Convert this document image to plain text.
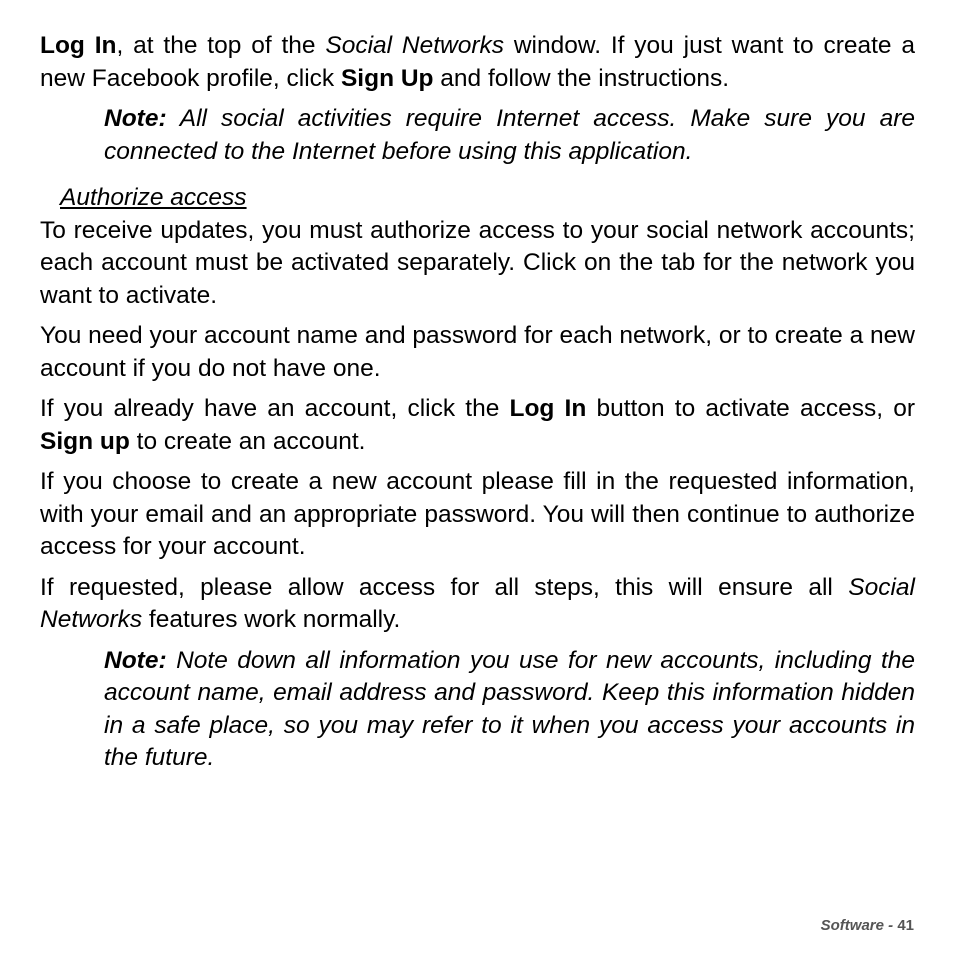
Log In, at the top of the Social Networks window. If you just want to create a new Facebook profile, click Sign Up and follow the instructions.

Note: All social activities require Internet access. Make sure you are connected to the Internet before using this application.

Authorize access

To receive updates, you must authorize access to your social network accounts; each account must be activated separately. Click on the tab for the network you want to activate.

You need your account name and password for each network, or to create a new account if you do not have one.

If you already have an account, click the Log In button to activate access, or Sign up to create an account.

If you choose to create a new account please fill in the requested information, with your email and an appropriate password. You will then continue to authorize access for your account.

If requested, please allow access for all steps, this will ensure all Social Networks features work normally.

Note: Note down all information you use for new accounts, including the account name, email address and password. Keep this information hidden in a safe place, so you may refer to it when you access your accounts in the future.

Software - 41
